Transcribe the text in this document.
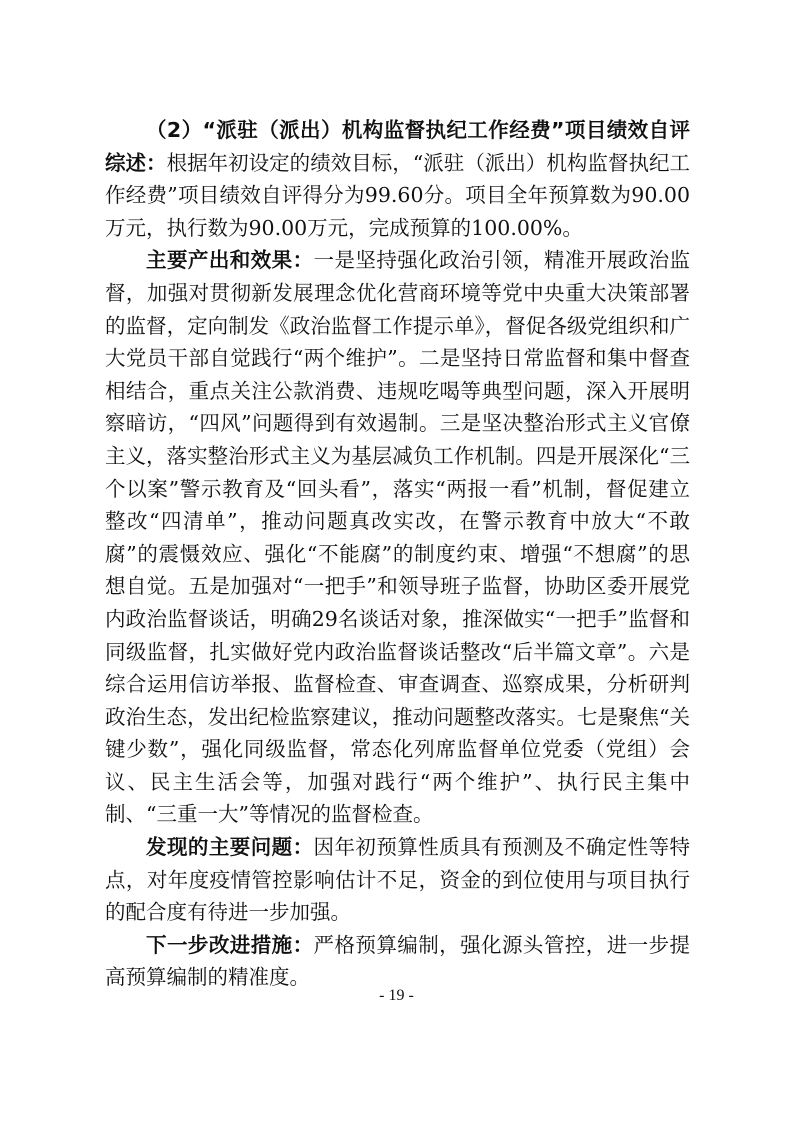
（2）“派驻（派出）机构监督执纪工作经费”项目绩效自评综述：根据年初设定的绩效目标，“派驻（派出）机构监督执纪工作经费”项目绩效自评得分为99.60分。项目全年预算数为90.00万元，执行数为90.00万元，完成预算的100.00%。

主要产出和效果：一是坚持强化政治引领，精准开展政治监督，加强对贯彻新发展理念优化营商环境等党中央重大决策部署的监督，定向制发《政治监督工作提示单》，督促各级党组织和广大党员干部自觉践行“两个维护”。二是坚持日常监督和集中督查相结合，重点关注公款消费、违规吃喝等典型问题，深入开展明察暗访，“四风”问题得到有效遏制。三是坚决整治形式主义官僚主义，落实整治形式主义为基层减负工作机制。四是开展深化“三个以案”警示教育及“回头看”，落实“两报一看”机制，督促建立整改“四清单”，推动问题真改实改，在警示教育中放大“不敢腐”的震慑效应、强化“不能腐”的制度约束、增强“不想腐”的思想自觉。五是加强对“一把手”和领导班子监督，协助区委开展党内政治监督谈话，明确29名谈话对象，推深做实“一把手”监督和同级监督，扎实做好党内政治监督谈话整改“后半篇文章”。六是综合运用信访举报、监督检查、审查调查、巡察成果，分析研判政治生态，发出纪检监察建议，推动问题整改落实。七是聚焦“关键少数”，强化同级监督，常态化列席监督单位党委（党组）会议、民主生活会等，加强对践行“两个维护”、执行民主集中制、“三重一大”等情况的监督检查。

发现的主要问题：因年初预算性质具有预测及不确定性等特点，对年度疫情管控影响估计不足，资金的到位使用与项目执行的配合度有待进一步加强。

下一步改进措施：严格预算编制，强化源头管控，进一步提高预算编制的精准度。

- 19 -
